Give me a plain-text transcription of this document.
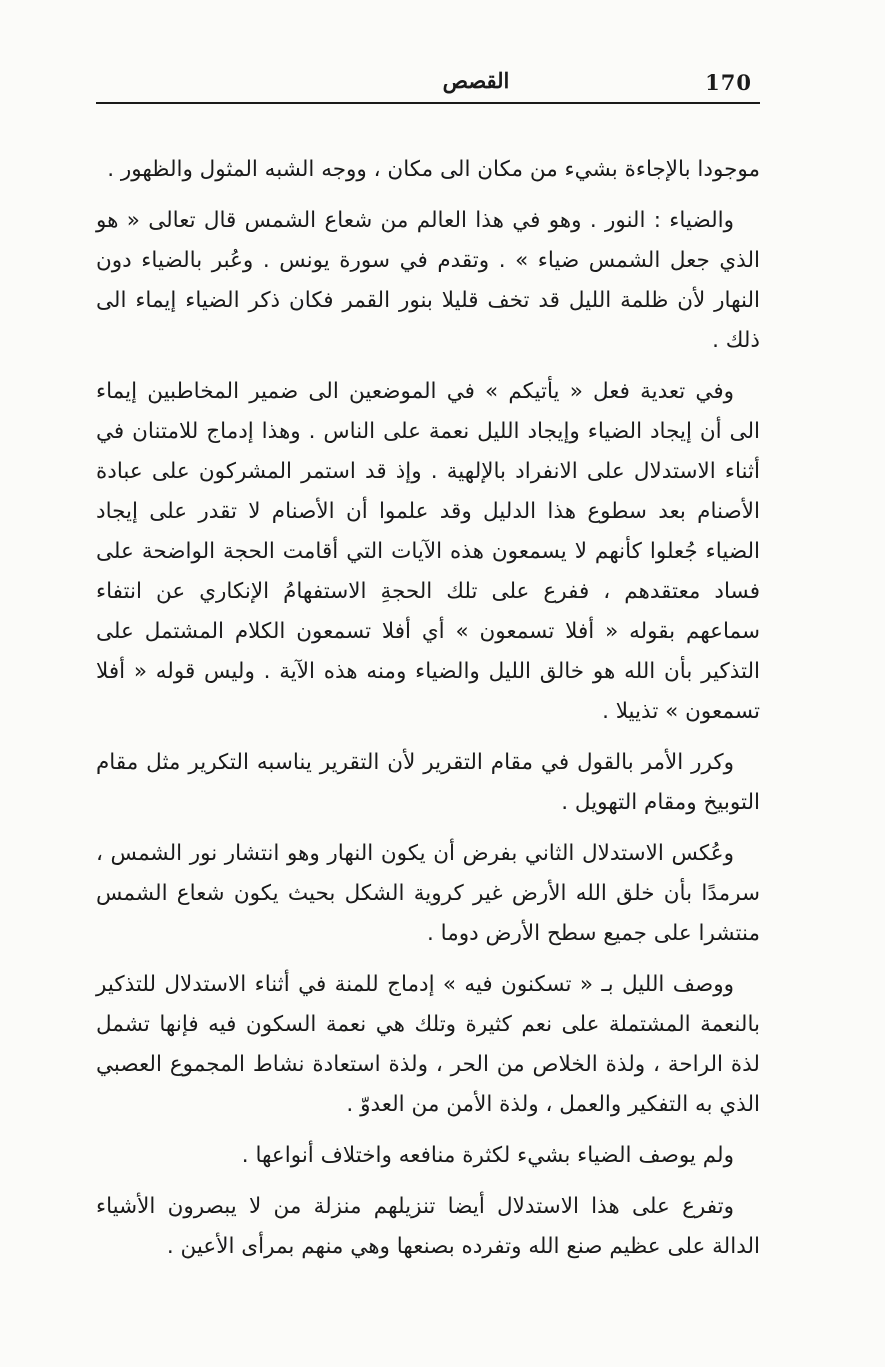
170
القصص

موجودا بالإجاءة بشيء من مكان الى مكان ، ووجه الشبه المثول والظهور .

والضياء : النور . وهو في هذا العالم من شعاع الشمس قال تعالى « هو الذي جعل الشمس ضياء » . وتقدم في سورة يونس . وعُبر بالضياء دون النهار لأن ظلمة الليل قد تخف قليلا بنور القمر فكان ذكر الضياء إيماء الى ذلك .

وفي تعدية فعل « يأتيكم » في الموضعين الى ضمير المخاطبين إيماء الى أن إيجاد الضياء وإيجاد الليل نعمة على الناس . وهذا إدماج للامتنان في أثناء الاستدلال على الانفراد بالإلهية . وإذ قد استمر المشركون على عبادة الأصنام بعد سطوع هذا الدليل وقد علموا أن الأصنام لا تقدر على إيجاد الضياء جُعلوا كأنهم لا يسمعون هذه الآيات التي أقامت الحجة الواضحة على فساد معتقدهم ، ففرع على تلك الحجةِ الاستفهامُ الإنكاري عن انتفاء سماعهم بقوله « أفلا تسمعون » أي أفلا تسمعون الكلام المشتمل على التذكير بأن الله هو خالق الليل والضياء ومنه هذه الآية . وليس قوله « أفلا تسمعون » تذييلا .

وكرر الأمر بالقول في مقام التقرير لأن التقرير يناسبه التكرير مثل مقام التوبيخ ومقام التهويل .

وعُكس الاستدلال الثاني بفرض أن يكون النهار وهو انتشار نور الشمس ، سرمدًا بأن خلق الله الأرض غير كروية الشكل بحيث يكون شعاع الشمس منتشرا على جميع سطح الأرض دوما .

ووصف الليل بـ « تسكنون فيه » إدماج للمنة في أثناء الاستدلال للتذكير بالنعمة المشتملة على نعم كثيرة وتلك هي نعمة السكون فيه فإنها تشمل لذة الراحة ، ولذة الخلاص من الحر ، ولذة استعادة نشاط المجموع العصبي الذي به التفكير والعمل ، ولذة الأمن من العدوّ .

ولم يوصف الضياء بشيء لكثرة منافعه واختلاف أنواعها .

وتفرع على هذا الاستدلال أيضا تنزيلهم منزلة من لا يبصرون الأشياء الدالة على عظيم صنع الله وتفرده بصنعها وهي منهم بمرأى الأعين .
